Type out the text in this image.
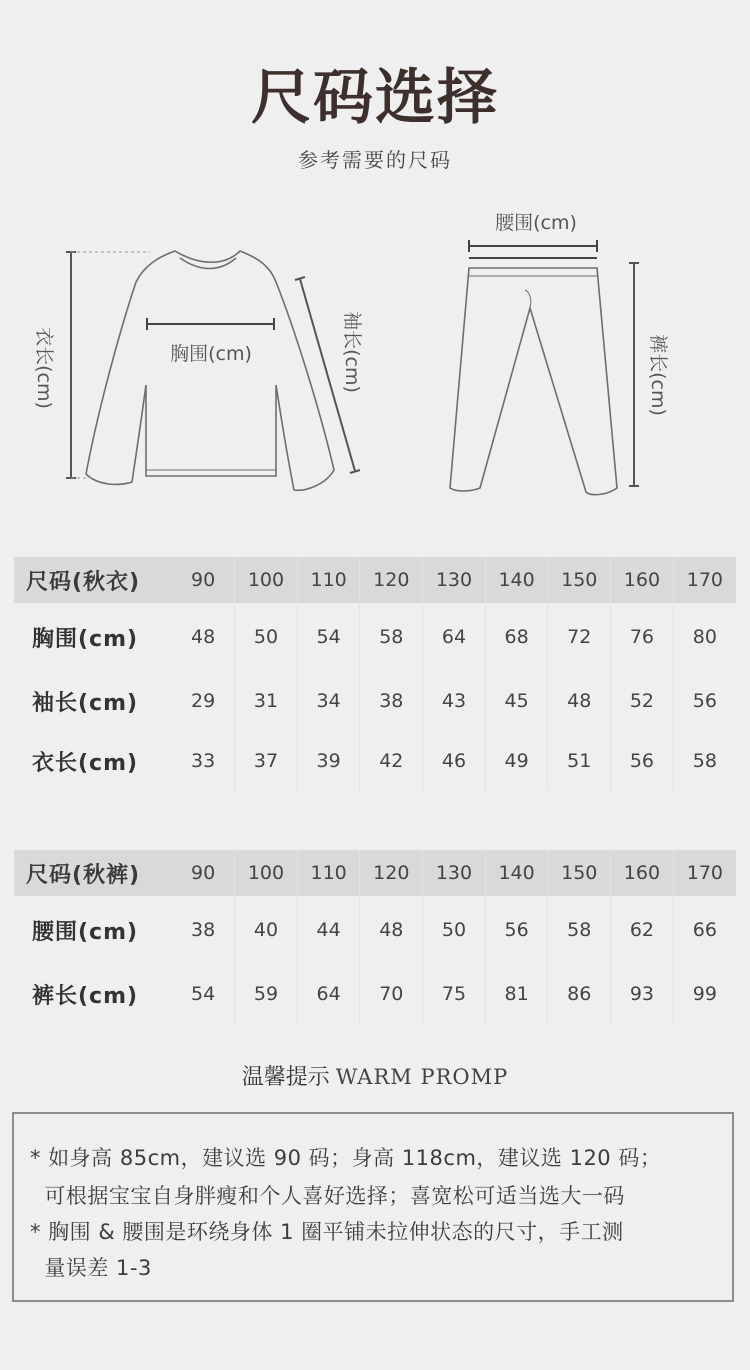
尺码选择
参考需要的尺码
胸围(cm)
衣长(cm)	袖长(cm)
腰围(cm)
裤长(cm)
尺码(秋衣)	90	100	110	120	130	140	150	160	170
胸围(cm)	48	50	54	58	64	68	72	76	80
袖长(cm)	29	31	34	38	43	45	48	52	56
衣长(cm)	33	37	39	42	46	49	51	56	58
尺码(秋裤)	90	100	110	120	130	140	150	160	170
腰围(cm)	38	40	44	48	50	56	58	62	66
裤长(cm)	54	59	64	70	75	81	86	93	99
温馨提示 WARM PROMP
* 如身高 85cm，建议选 90 码；身高 118cm，建议选 120 码；
可根据宝宝自身胖瘦和个人喜好选择；喜宽松可适当选大一码
* 胸围 & 腰围是环绕身体 1 圈平铺未拉伸状态的尺寸，手工测
量误差 1-3
